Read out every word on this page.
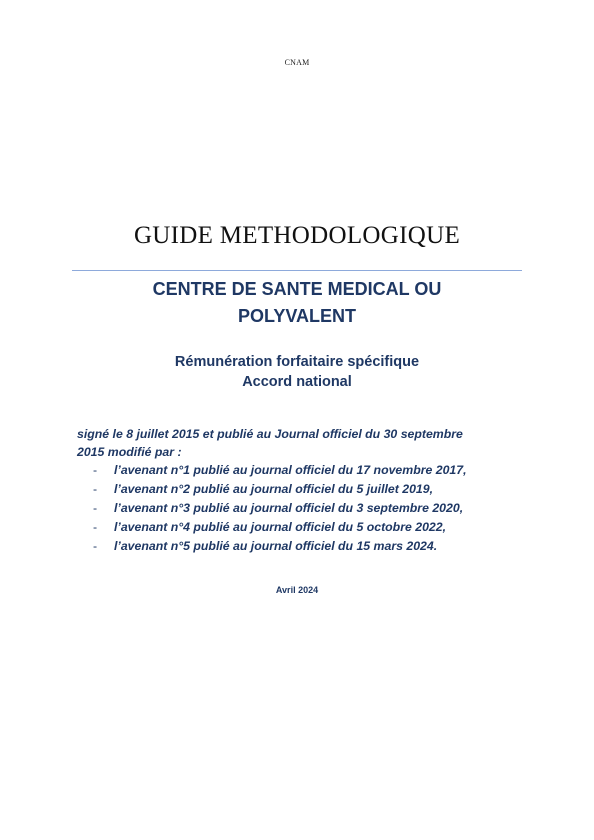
CNAM
GUIDE METHODOLOGIQUE
CENTRE DE SANTE MEDICAL OU
POLYVALENT
Rémunération forfaitaire spécifique
Accord national
signé le 8 juillet 2015 et publié au Journal officiel du 30 septembre
2015 modifié par :
- l’avenant n°1 publié au journal officiel du 17 novembre 2017,
- l’avenant n°2 publié au journal officiel du 5 juillet 2019,
- l’avenant n°3 publié au journal officiel du 3 septembre 2020,
- l’avenant n°4 publié au journal officiel du 5 octobre 2022,
- l’avenant n°5 publié au journal officiel du 15 mars 2024.
Avril 2024
